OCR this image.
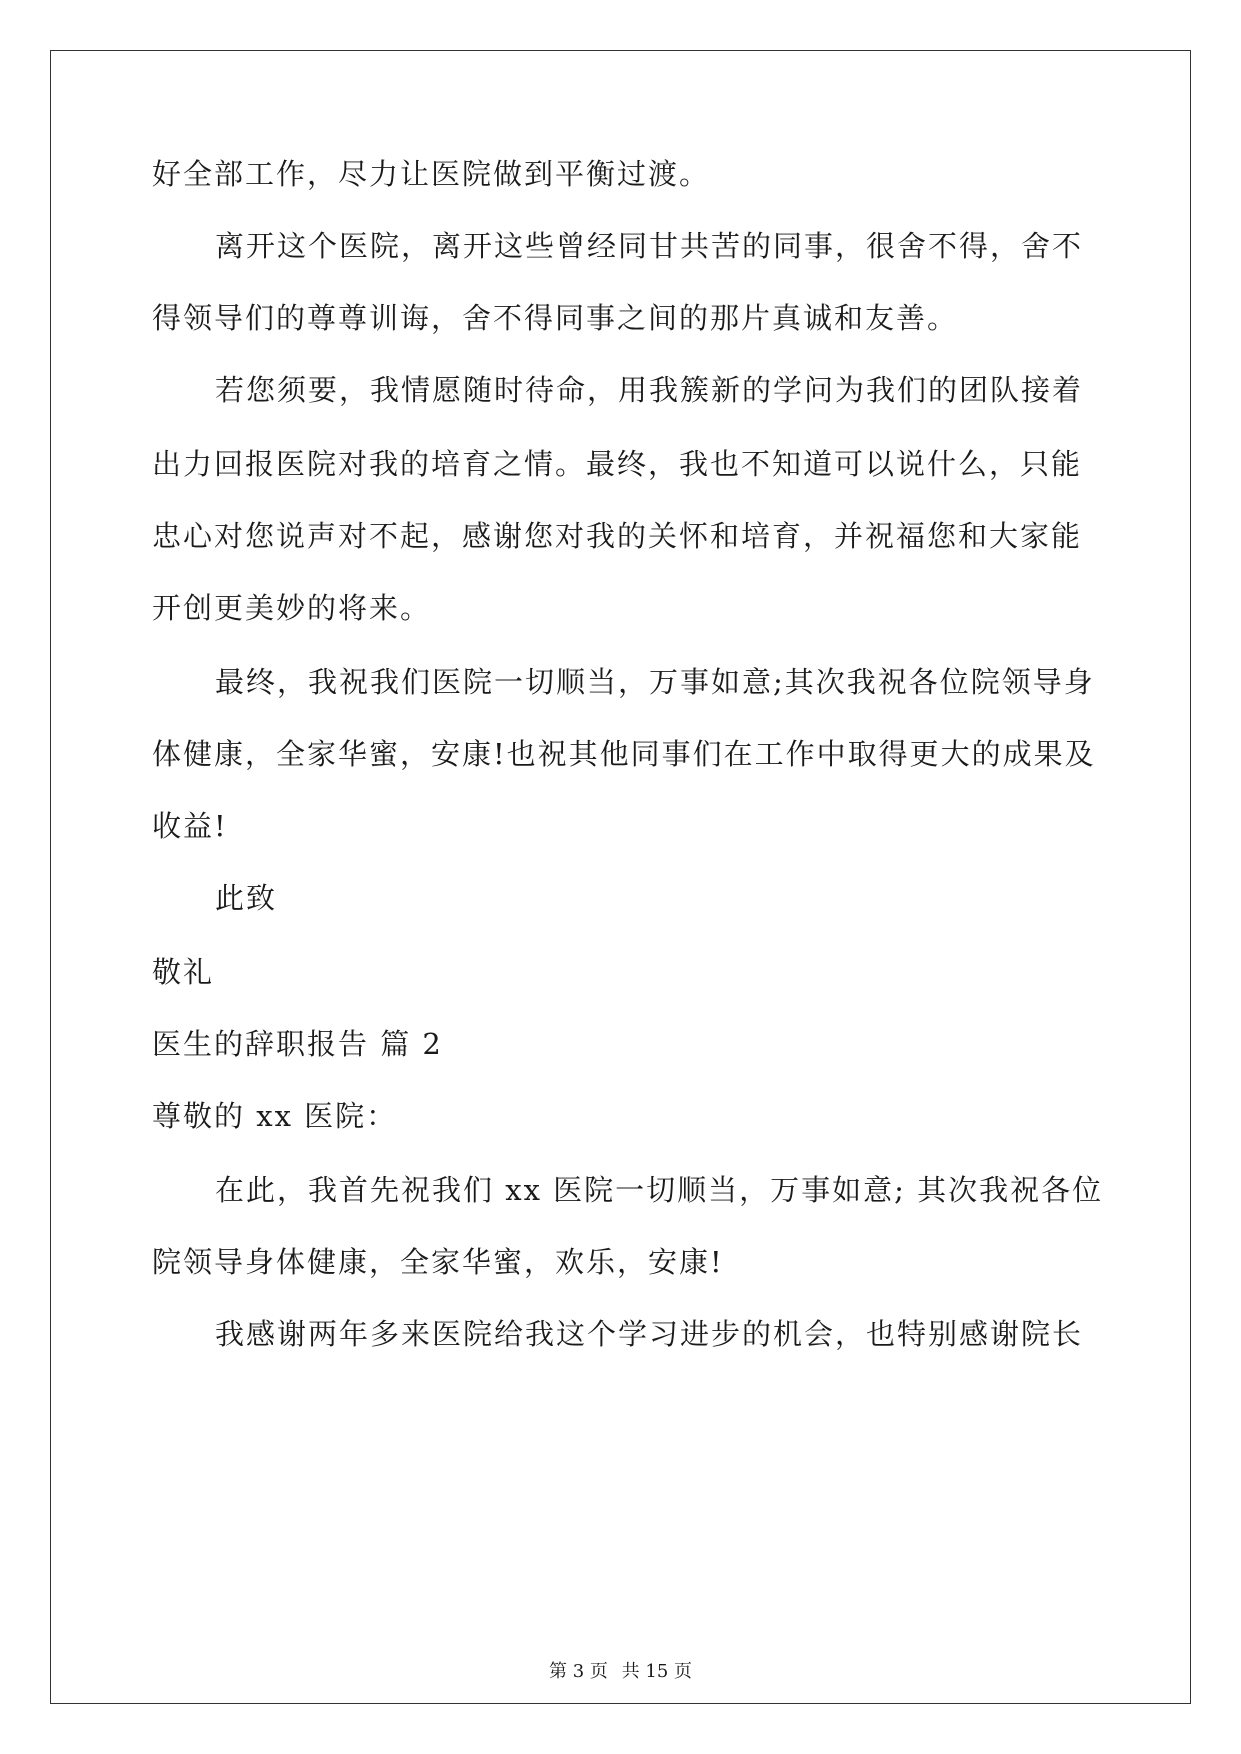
好全部工作，尽力让医院做到平衡过渡。
离开这个医院，离开这些曾经同甘共苦的同事，很舍不得，舍不
得领导们的尊尊训诲，舍不得同事之间的那片真诚和友善。
若您须要，我情愿随时待命，用我簇新的学问为我们的团队接着
出力回报医院对我的培育之情。最终，我也不知道可以说什么，只能
忠心对您说声对不起，感谢您对我的关怀和培育，并祝福您和大家能
开创更美妙的将来。
最终，我祝我们医院一切顺当，万事如意;其次我祝各位院领导身
体健康，全家华蜜，安康!也祝其他同事们在工作中取得更大的成果及
收益!
此致
敬礼
医生的辞职报告 篇 2
尊敬的 xx 医院：
在此，我首先祝我们 xx 医院一切顺当，万事如意; 其次我祝各位
院领导身体健康，全家华蜜，欢乐，安康!
我感谢两年多来医院给我这个学习进步的机会，也特别感谢院长
第 3 页 共 15 页
